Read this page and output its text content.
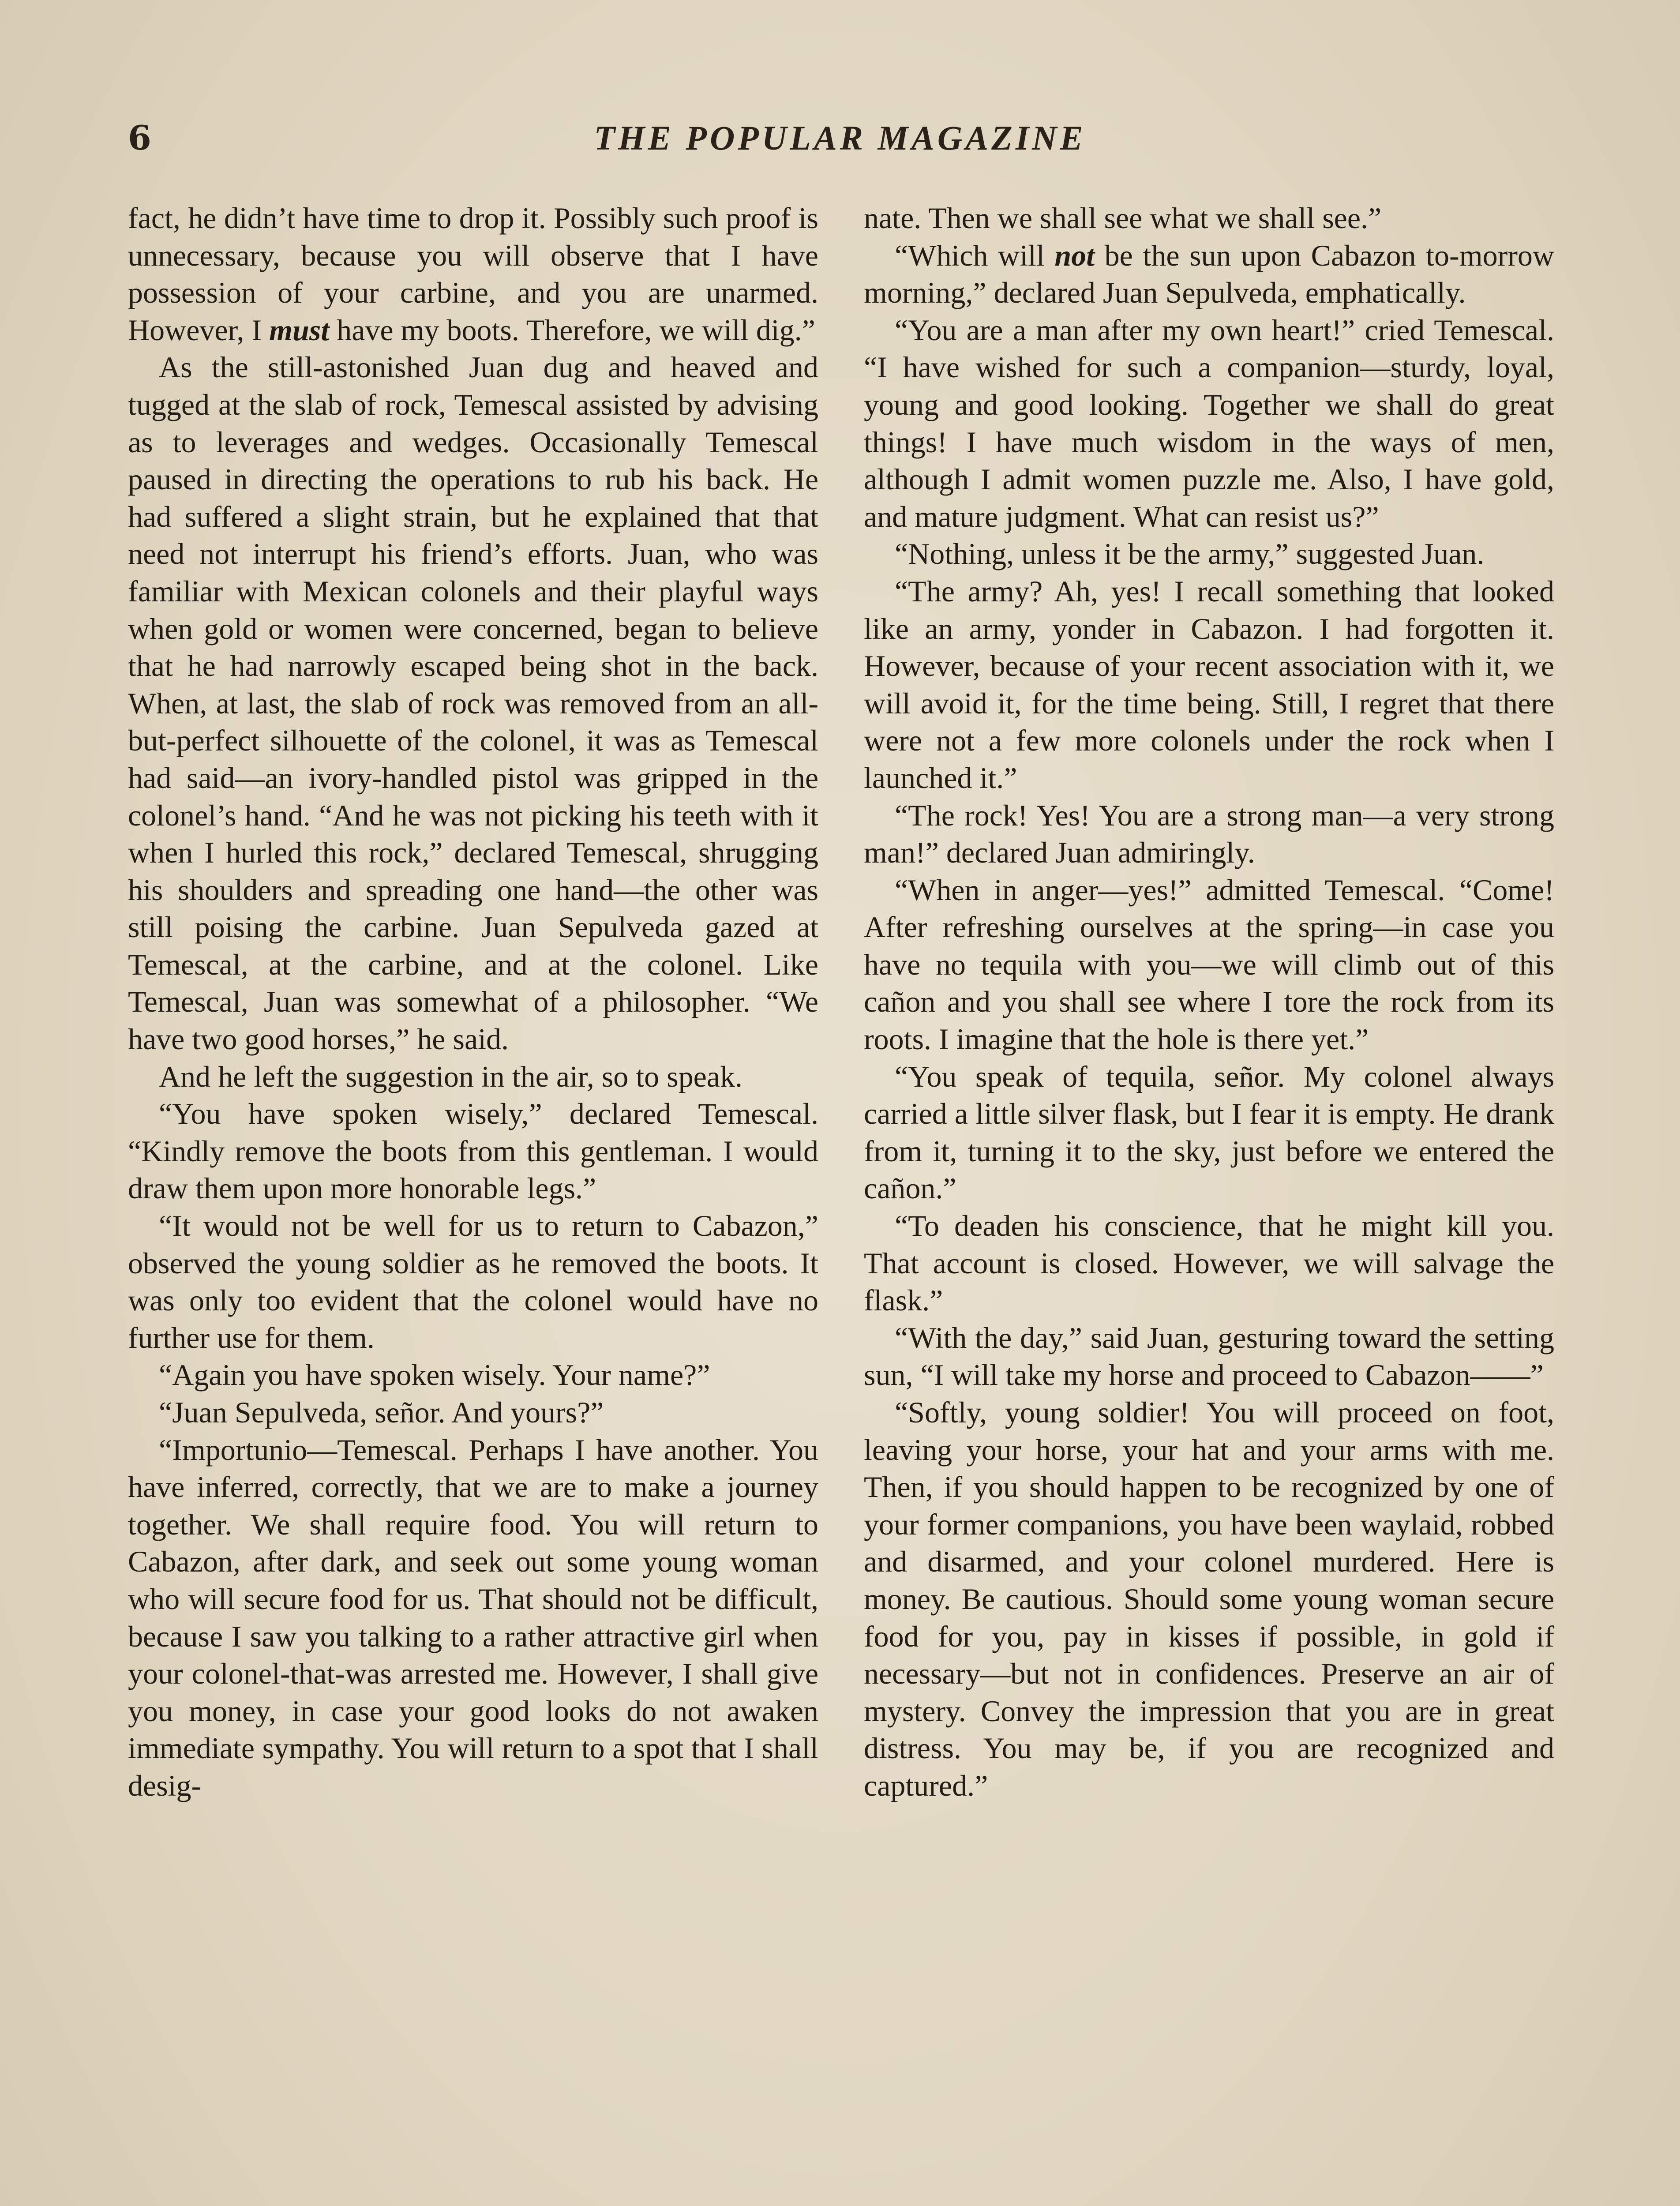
6	THE POPULAR MAGAZINE

fact, he didn’t have time to drop it. Possibly such proof is unnecessary, because you will observe that I have possession of your carbine, and you are unarmed. However, I must have my boots. Therefore, we will dig.”

As the still-astonished Juan dug and heaved and tugged at the slab of rock, Temescal assisted by advising as to leverages and wedges. Occasionally Temescal paused in directing the operations to rub his back. He had suffered a slight strain, but he explained that that need not interrupt his friend’s efforts. Juan, who was familiar with Mexican colonels and their playful ways when gold or women were concerned, began to believe that he had narrowly escaped being shot in the back. When, at last, the slab of rock was removed from an all-but-perfect silhouette of the colonel, it was as Temescal had said—an ivory-handled pistol was gripped in the colonel’s hand. “And he was not picking his teeth with it when I hurled this rock,” declared Temescal, shrugging his shoulders and spreading one hand—the other was still poising the carbine. Juan Sepulveda gazed at Temescal, at the carbine, and at the colonel. Like Temescal, Juan was somewhat of a philosopher. “We have two good horses,” he said.

And he left the suggestion in the air, so to speak.

“You have spoken wisely,” declared Temescal. “Kindly remove the boots from this gentleman. I would draw them upon more honorable legs.”

“It would not be well for us to return to Cabazon,” observed the young soldier as he removed the boots. It was only too evident that the colonel would have no further use for them.

“Again you have spoken wisely. Your name?”

“Juan Sepulveda, señor. And yours?”

“Importunio—Temescal. Perhaps I have another. You have inferred, correctly, that we are to make a journey together. We shall require food. You will return to Cabazon, after dark, and seek out some young woman who will secure food for us. That should not be difficult, because I saw you talking to a rather attractive girl when your colonel-that-was arrested me. However, I shall give you money, in case your good looks do not awaken immediate sympathy. You will return to a spot that I shall desig-

nate. Then we shall see what we shall see.”

“Which will not be the sun upon Cabazon to-morrow morning,” declared Juan Sepulveda, emphatically.

“You are a man after my own heart!” cried Temescal. “I have wished for such a companion—sturdy, loyal, young and good looking. Together we shall do great things! I have much wisdom in the ways of men, although I admit women puzzle me. Also, I have gold, and mature judgment. What can resist us?”

“Nothing, unless it be the army,” suggested Juan.

“The army? Ah, yes! I recall something that looked like an army, yonder in Cabazon. I had forgotten it. However, because of your recent association with it, we will avoid it, for the time being. Still, I regret that there were not a few more colonels under the rock when I launched it.”

“The rock! Yes! You are a strong man—a very strong man!” declared Juan admiringly.

“When in anger—yes!” admitted Temescal. “Come! After refreshing ourselves at the spring—in case you have no tequila with you—we will climb out of this cañon and you shall see where I tore the rock from its roots. I imagine that the hole is there yet.”

“You speak of tequila, señor. My colonel always carried a little silver flask, but I fear it is empty. He drank from it, turning it to the sky, just before we entered the cañon.”

“To deaden his conscience, that he might kill you. That account is closed. However, we will salvage the flask.”

“With the day,” said Juan, gesturing toward the setting sun, “I will take my horse and proceed to Cabazon——”

“Softly, young soldier! You will proceed on foot, leaving your horse, your hat and your arms with me. Then, if you should happen to be recognized by one of your former companions, you have been waylaid, robbed and disarmed, and your colonel murdered. Here is money. Be cautious. Should some young woman secure food for you, pay in kisses if possible, in gold if necessary—but not in confidences. Preserve an air of mystery. Convey the impression that you are in great distress. You may be, if you are recognized and captured.”
